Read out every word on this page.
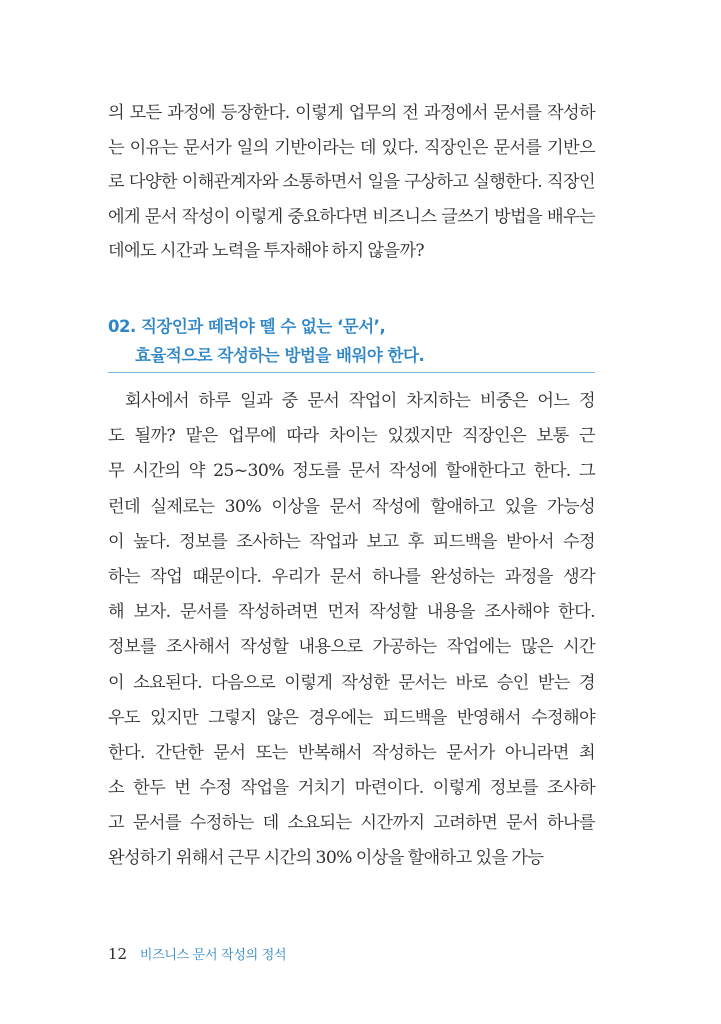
의 모든 과정에 등장한다. 이렇게 업무의 전 과정에서 문서를 작성하
는 이유는 문서가 일의 기반이라는 데 있다. 직장인은 문서를 기반으
로 다양한 이해관계자와 소통하면서 일을 구상하고 실행한다. 직장인
에게 문서 작성이 이렇게 중요하다면 비즈니스 글쓰기 방법을 배우는
데에도 시간과 노력을 투자해야 하지 않을까?
02. 직장인과 떼려야 뗄 수 없는 ‘문서’,
효율적으로 작성하는 방법을 배워야 한다.
회사에서 하루 일과 중 문서 작업이 차지하는 비중은 어느 정
도 될까? 맡은 업무에 따라 차이는 있겠지만 직장인은 보통 근
무 시간의 약 25~30% 정도를 문서 작성에 할애한다고 한다. 그
런데 실제로는 30% 이상을 문서 작성에 할애하고 있을 가능성
이 높다. 정보를 조사하는 작업과 보고 후 피드백을 받아서 수정
하는 작업 때문이다. 우리가 문서 하나를 완성하는 과정을 생각
해 보자. 문서를 작성하려면 먼저 작성할 내용을 조사해야 한다.
정보를 조사해서 작성할 내용으로 가공하는 작업에는 많은 시간
이 소요된다. 다음으로 이렇게 작성한 문서는 바로 승인 받는 경
우도 있지만 그렇지 않은 경우에는 피드백을 반영해서 수정해야
한다. 간단한 문서 또는 반복해서 작성하는 문서가 아니라면 최
소 한두 번 수정 작업을 거치기 마련이다. 이렇게 정보를 조사하
고 문서를 수정하는 데 소요되는 시간까지 고려하면 문서 하나를
완성하기 위해서 근무 시간의 30% 이상을 할애하고 있을 가능
12 비즈니스 문서 작성의 정석
